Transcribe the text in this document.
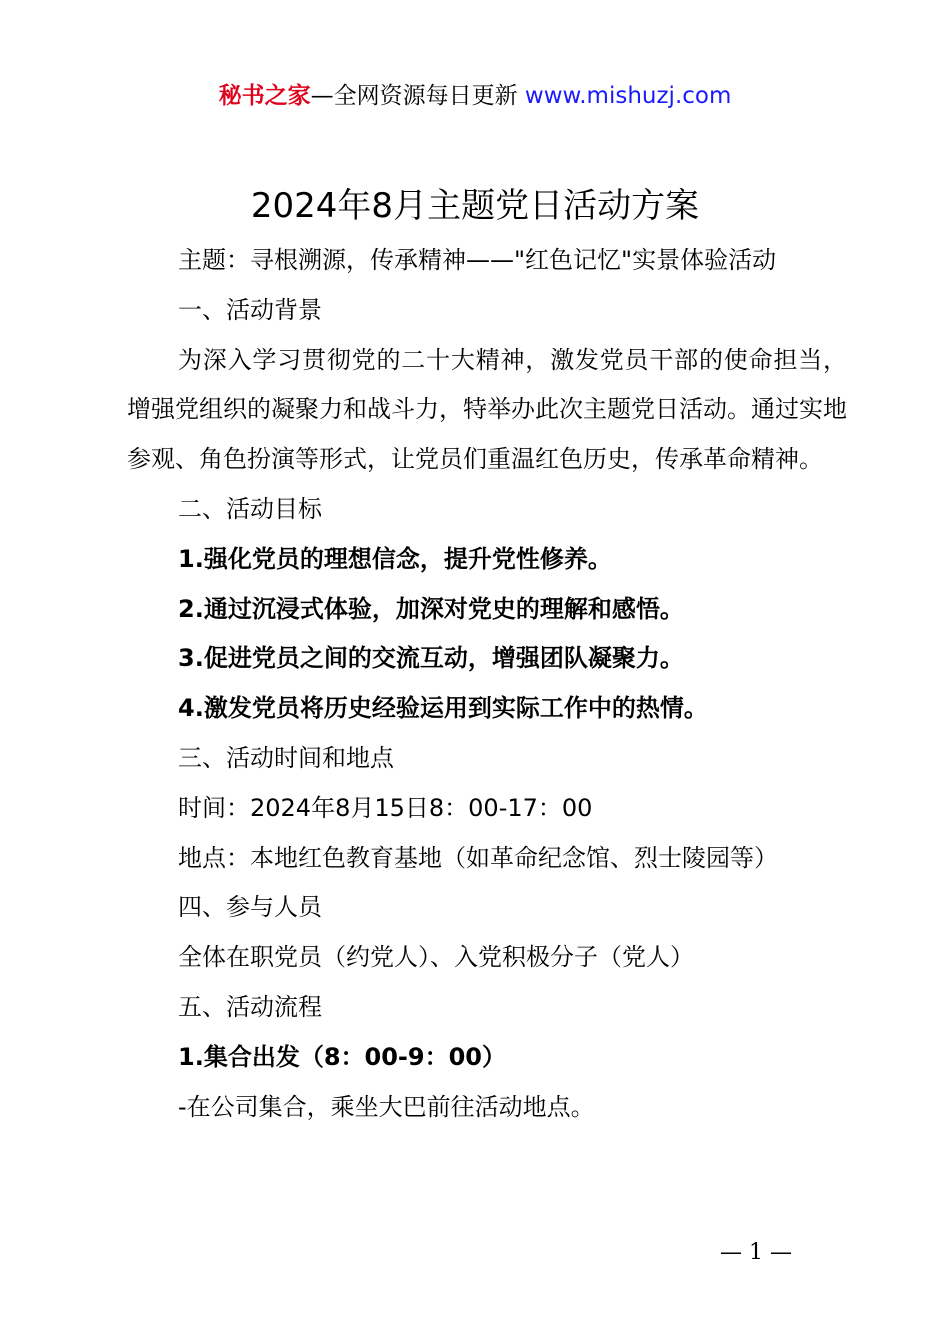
秘书之家—全网资源每日更新 www.mishuzj.com
2024年8月主题党日活动方案

主题：寻根溯源，传承精神——"红色记忆"实景体验活动

一、活动背景

为深入学习贯彻党的二十大精神，激发党员干部的使命担当，增强党组织的凝聚力和战斗力，特举办此次主题党日活动。通过实地参观、角色扮演等形式，让党员们重温红色历史，传承革命精神。

二、活动目标

1.强化党员的理想信念，提升党性修养。

2.通过沉浸式体验，加深对党史的理解和感悟。

3.促进党员之间的交流互动，增强团队凝聚力。

4.激发党员将历史经验运用到实际工作中的热情。

三、活动时间和地点

时间：2024年8月15日8：00-17：00

地点：本地红色教育基地（如革命纪念馆、烈士陵园等）

四、参与人员

全体在职党员（约党人）、入党积极分子（党人）

五、活动流程

1.集合出发（8：00-9：00）

-在公司集合，乘坐大巴前往活动地点。

— 1 —
